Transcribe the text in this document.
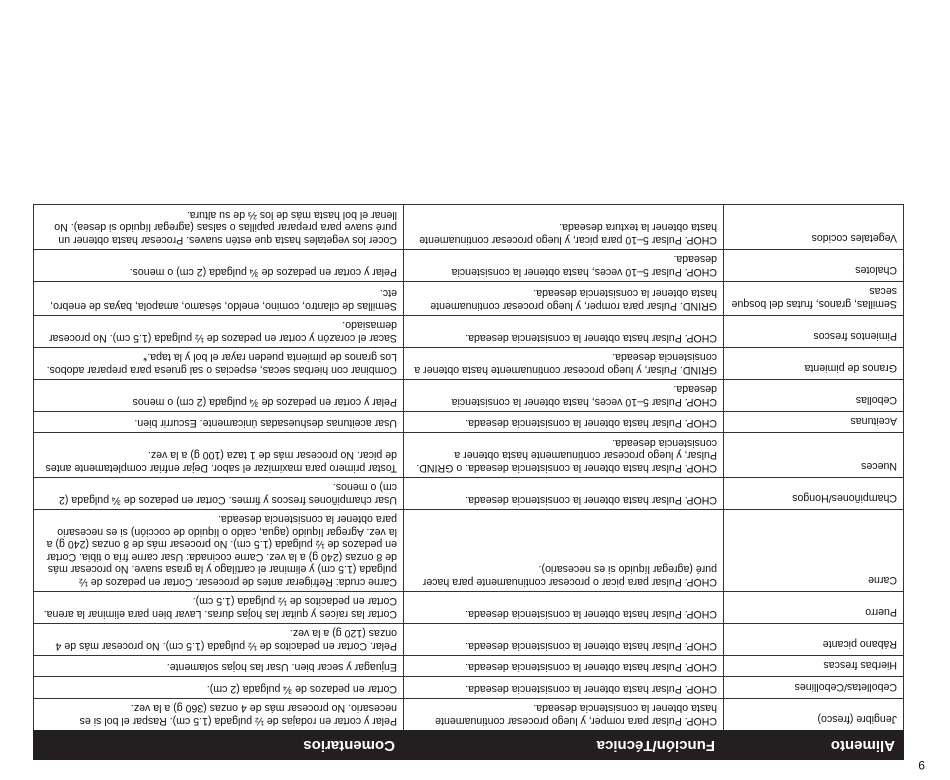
9
Alimento	Función/Técnica	Comentarios
Jengibre (fresco)	CHOP. Pulsar para romper, y luego procesar continuamente hasta obtener la consistencia deseada.	Pelar y cortar en rodajas de ½ pulgada (1.5 cm). Raspar el bol si es necesario. No procesar más de 4 onzas (360 g) a la vez.
Cebolletas/Cebollines	CHOP. Pulsar hasta obtener la consistencia deseada.	Cortar en pedazos de ¾ pulgada (2 cm).
Hierbas frescas	CHOP. Pulsar hasta obtener la consistencia deseada.	Enjuagar y secar bien. Usar las hojas solamente.
Rábano picante	CHOP. Pulsar hasta obtener la consistencia deseada.	Pelar. Cortar en pedacitos de ½ pulgada (1.5 cm). No procesar más de 4 onzas (120 g) a la vez.
Puerro	CHOP. Pulsar hasta obtener la consistencia deseada.	Cortar las raíces y quitar las hojas duras. Lavar bien para eliminar la arena. Cortar en pedacitos de ½ pulgada (1.5 cm).
Carne	CHOP. Pulsar para picar o procesar continuamente para hacer puré (agregar líquido si es necesario).	Carne cruda: Refrigerar antes de procesar. Cortar en pedazos de ½ pulgada (1.5 cm) y eliminar el cartílago y la grasa suave. No procesar más de 8 onzas (240 g) a la vez. Carne cocinada: Usar carne fría o tibia. Cortar en pedazos de ½ pulgada (1.5 cm). No procesar más de 8 onzas (240 g) a la vez. Agregar líquido (agua, caldo o líquido de cocción) si es necesario para obtener la consistencia deseada.
Champiñones/Hongos	CHOP. Pulsar hasta obtener la consistencia deseada.	Usar champiñones frescos y firmes. Cortar en pedazos de ¾ pulgada (2 cm) o menos.
Nueces	CHOP. Pulsar hasta obtener la consistencia deseada. o GRIND. Pulsar, y luego procesar continuamente hasta obtener a consistencia deseada.	Tostar primero para maximizar el sabor. Dejar enfriar completamente antes de picar. No procesar más de 1 taza (100 g) a la vez.
Aceitunas	CHOP. Pulsar hasta obtener la consistencia deseada.	Usar aceitunas deshuesadas únicamente. Escurrir bien.
Cebollas	CHOP. Pulsar 5–10 veces, hasta obtener la consistencia deseada.	Pelar y cortar en pedazos de ¾ pulgada (2 cm) o menos
Granos de pimienta	GRIND. Pulsar, y luego procesar continuamente hasta obtener a consistencia deseada.	Combinar con hierbas secas, especias o sal gruesa para preparar adobos. Los granos de pimienta pueden rayar el bol y la tapa.*
Pimientos frescos	CHOP. Pulsar hasta obtener la consistencia deseada.	Sacar el corazón y cortar en pedazos de ½ pulgada (1.5 cm). No procesar demasiado.
Semillas, granos, frutas del bosque secas	GRIND. Pulsar para romper, y luego procesar continuamente hasta obtener la consistencia deseada.	Semillas de cilantro, comino, eneldo, sésamo, amapola, bayas de enebro, etc.
Chalotes	CHOP. Pulsar 5–10 veces, hasta obtener la consistencia deseada.	Pelar y cortar en pedazos de ¾ pulgada (2 cm) o menos.
Vegetales cocidos	CHOP. Pulsar 5–10 para picar, y luego procesar continuamente hasta obtener la textura deseada.	Cocer los vegetales hasta que estén suaves. Procesar hasta obtener un puré suave para preparar papillas o salsas (agregar líquido si desea). No llenar el bol hasta más de los ⅔ de su altura.
